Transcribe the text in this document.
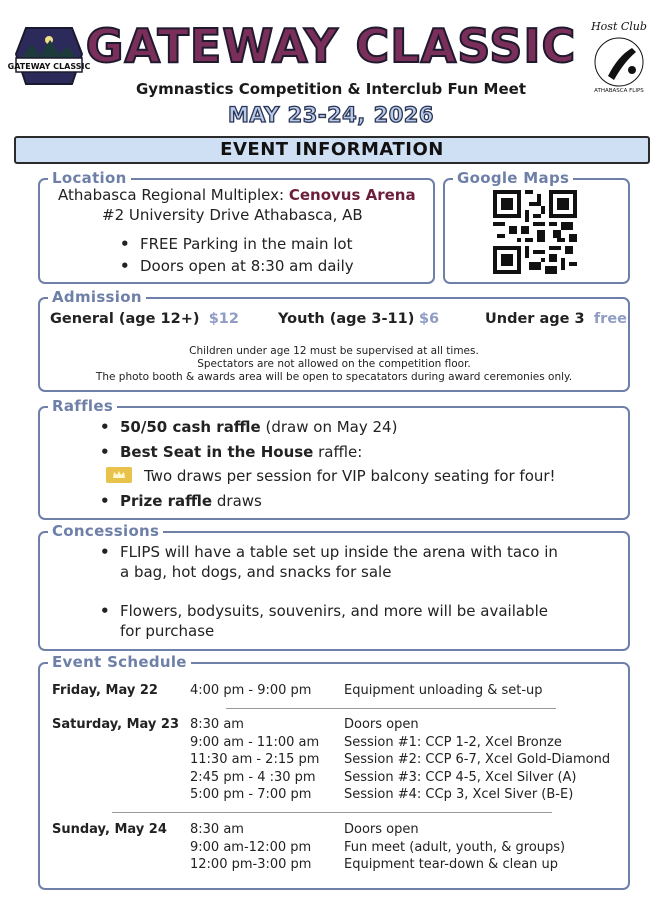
GATEWAY CLASSIC
GATEWAY CLASSIC
Gymnastics Competition & Interclub Fun Meet
MAY 23-24, 2026
Host Club
ATHABASCA FLIPS
EVENT INFORMATION
Location
Athabasca Regional Multiplex: Cenovus Arena
#2 University Drive Athabasca, AB
• FREE Parking in the main lot
• Doors open at 8:30 am daily
Google Maps
Admission
General (age 12+) $12	Youth (age 3-11) $6	Under age 3 free
Children under age 12 must be supervised at all times.
Spectators are not allowed on the competition floor.
The photo booth & awards area will be open to specatators during award ceremonies only.
Raffles
• 50/50 cash raffle (draw on May 24)
• Best Seat in the House raffle:
Two draws per session for VIP balcony seating for four!
• Prize raffle draws
Concessions
• FLIPS will have a table set up inside the arena with taco in
a bag, hot dogs, and snacks for sale
• Flowers, bodysuits, souvenirs, and more will be available
for purchase
Event Schedule
Friday, May 22 4:00 pm - 9:00 pm	Equipment unloading & set-up
Saturday, May 23 8:30 am	Doors open
9:00 am - 11:00 am Session #1: CCP 1-2, Xcel Bronze
11:30 am - 2:15 pm Session #2: CCP 6-7, Xcel Gold-Diamond
2:45 pm - 4 :30 pm Session #3: CCP 4-5, Xcel Silver (A)
5:00 pm - 7:00 pm	Session #4: CCp 3, Xcel Siver (B-E)
Sunday, May 24 8:30 am	Doors open
9:00 am-12:00 pm	Fun meet (adult, youth, & groups)
12:00 pm-3:00 pm	Equipment tear-down & clean up
